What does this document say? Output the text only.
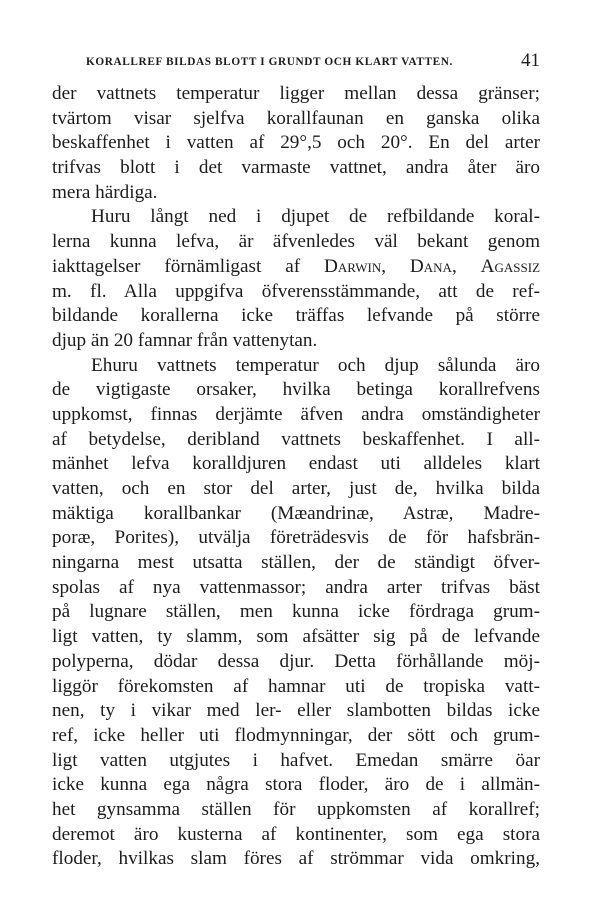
KORALLREF BILDAS BLOTT I GRUNDT OCH KLART VATTEN.	41
der vattnets temperatur ligger mellan dessa gränser;
tvärtom visar sjelfva korallfaunan en ganska olika
beskaffenhet i vatten af 29°,5 och 20°. En del arter
trifvas blott i det varmaste vattnet, andra åter äro
mera härdiga.
Huru långt ned i djupet de refbildande koral-
lerna kunna lefva, är äfvenledes väl bekant genom
iakttagelser förnämligast af Darwin, Dana, Agassiz
m. fl. Alla uppgifva öfverensstämmande, att de ref-
bildande korallerna icke träffas lefvande på större
djup än 20 famnar från vattenytan.
Ehuru vattnets temperatur och djup sålunda äro
de vigtigaste orsaker, hvilka betinga korallrefvens
uppkomst, finnas derjämte äfven andra omständigheter
af betydelse, deribland vattnets beskaffenhet. I all-
mänhet lefva koralldjuren endast uti alldeles klart
vatten, och en stor del arter, just de, hvilka bilda
mäktiga korallbankar (Mæandrinæ, Astræ, Madre-
poræ, Porites), utvälja företrädesvis de för hafsbrän-
ningarna mest utsatta ställen, der de ständigt öfver-
spolas af nya vattenmassor; andra arter trifvas bäst
på lugnare ställen, men kunna icke fördraga grum-
ligt vatten, ty slamm, som afsätter sig på de lefvande
polyperna, dödar dessa djur. Detta förhållande möj-
liggör förekomsten af hamnar uti de tropiska vatt-
nen, ty i vikar med ler- eller slambotten bildas icke
ref, icke heller uti flodmynningar, der sött och grum-
ligt vatten utgjutes i hafvet. Emedan smärre öar
icke kunna ega några stora floder, äro de i allmän-
het gynsamma ställen för uppkomsten af korallref;
deremot äro kusterna af kontinenter, som ega stora
floder, hvilkas slam föres af strömmar vida omkring,
